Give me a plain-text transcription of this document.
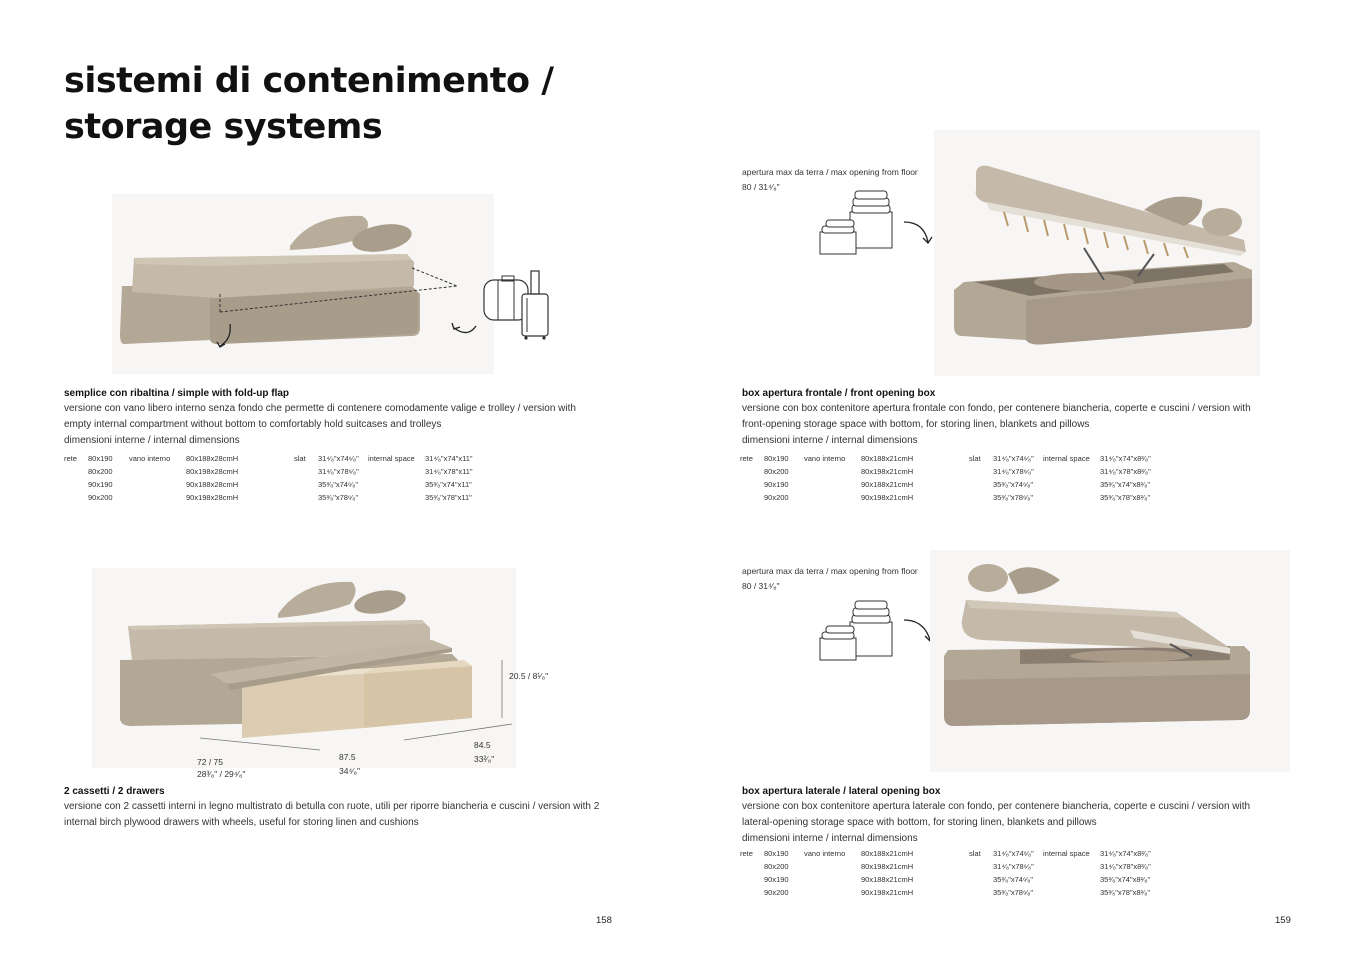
sistemi di contenimento /
storage systems
semplice con ribaltina / simple with fold-up flap
versione con vano libero interno senza fondo che permette di contenere comodamente valige e trolley / version with
empty internal compartment without bottom to comfortably hold suitcases and trolleys
dimensioni interne / internal dimensions
rete	80x190	vano interno	80x188x28cmH	slat	31⁴⁄₈"x74⁶⁄₈"	internal space	31⁴⁄₈"x74"x11"
	80x200		80x198x28cmH		31⁴⁄₈"x78⁶⁄₈"		31⁴⁄₈"x78"x11"
	90x190		90x188x28cmH		35³⁄₈"x74⁶⁄₈"		35³⁄₈"x74"x11"
	90x200		90x198x28cmH		35³⁄₈"x78⁶⁄₈"		35³⁄₈"x78"x11"
20.5 / 8¹⁄₈"
72 / 75
28³⁄₈" / 29⁴⁄₈"
87.5
34⁴⁄₈"
84.5
33²⁄₈"
2 cassetti / 2 drawers
versione con 2 cassetti interni in legno multistrato di betulla con ruote, utili per riporre biancheria e cuscini / version with 2
internal birch plywood drawers with wheels, useful for storing linen and cushions
apertura max da terra / max opening from floor
80 / 31⁴⁄₈"
box apertura frontale / front opening box
versione con box contenitore apertura frontale con fondo, per contenere biancheria, coperte e cuscini / version with
front-opening storage space with bottom, for storing linen, blankets and pillows
dimensioni interne / internal dimensions
rete	80x190	vano interno	80x188x21cmH	slat	31⁴⁄₈"x74⁶⁄₈"	internal space	31⁴⁄₈"x74"x8²⁄₈"
	80x200		80x198x21cmH		31⁴⁄₈"x78⁶⁄₈"		31⁴⁄₈"x78"x8²⁄₈"
	90x190		90x188x21cmH		35³⁄₈"x74⁶⁄₈"		35³⁄₈"x74"x8²⁄₈"
	90x200		90x198x21cmH		35³⁄₈"x78⁶⁄₈"		35³⁄₈"x78"x8²⁄₈"
apertura max da terra / max opening from floor
80 / 31⁴⁄₈"
box apertura laterale / lateral opening box
versione con box contenitore apertura laterale con fondo, per contenere biancheria, coperte e cuscini / version with
lateral-opening storage space with bottom, for storing linen, blankets and pillows
dimensioni interne / internal dimensions
rete	80x190	vano interno	80x188x21cmH	slat	31⁴⁄₈"x74⁶⁄₈"	internal space	31⁴⁄₈"x74"x8²⁄₈"
	80x200		80x198x21cmH		31⁴⁄₈"x78⁶⁄₈"		31⁴⁄₈"x78"x8²⁄₈"
	90x190		90x188x21cmH		35³⁄₈"x74⁶⁄₈"		35³⁄₈"x74"x8²⁄₈"
	90x200		90x198x21cmH		35³⁄₈"x78⁶⁄₈"		35³⁄₈"x78"x8²⁄₈"
158	159
